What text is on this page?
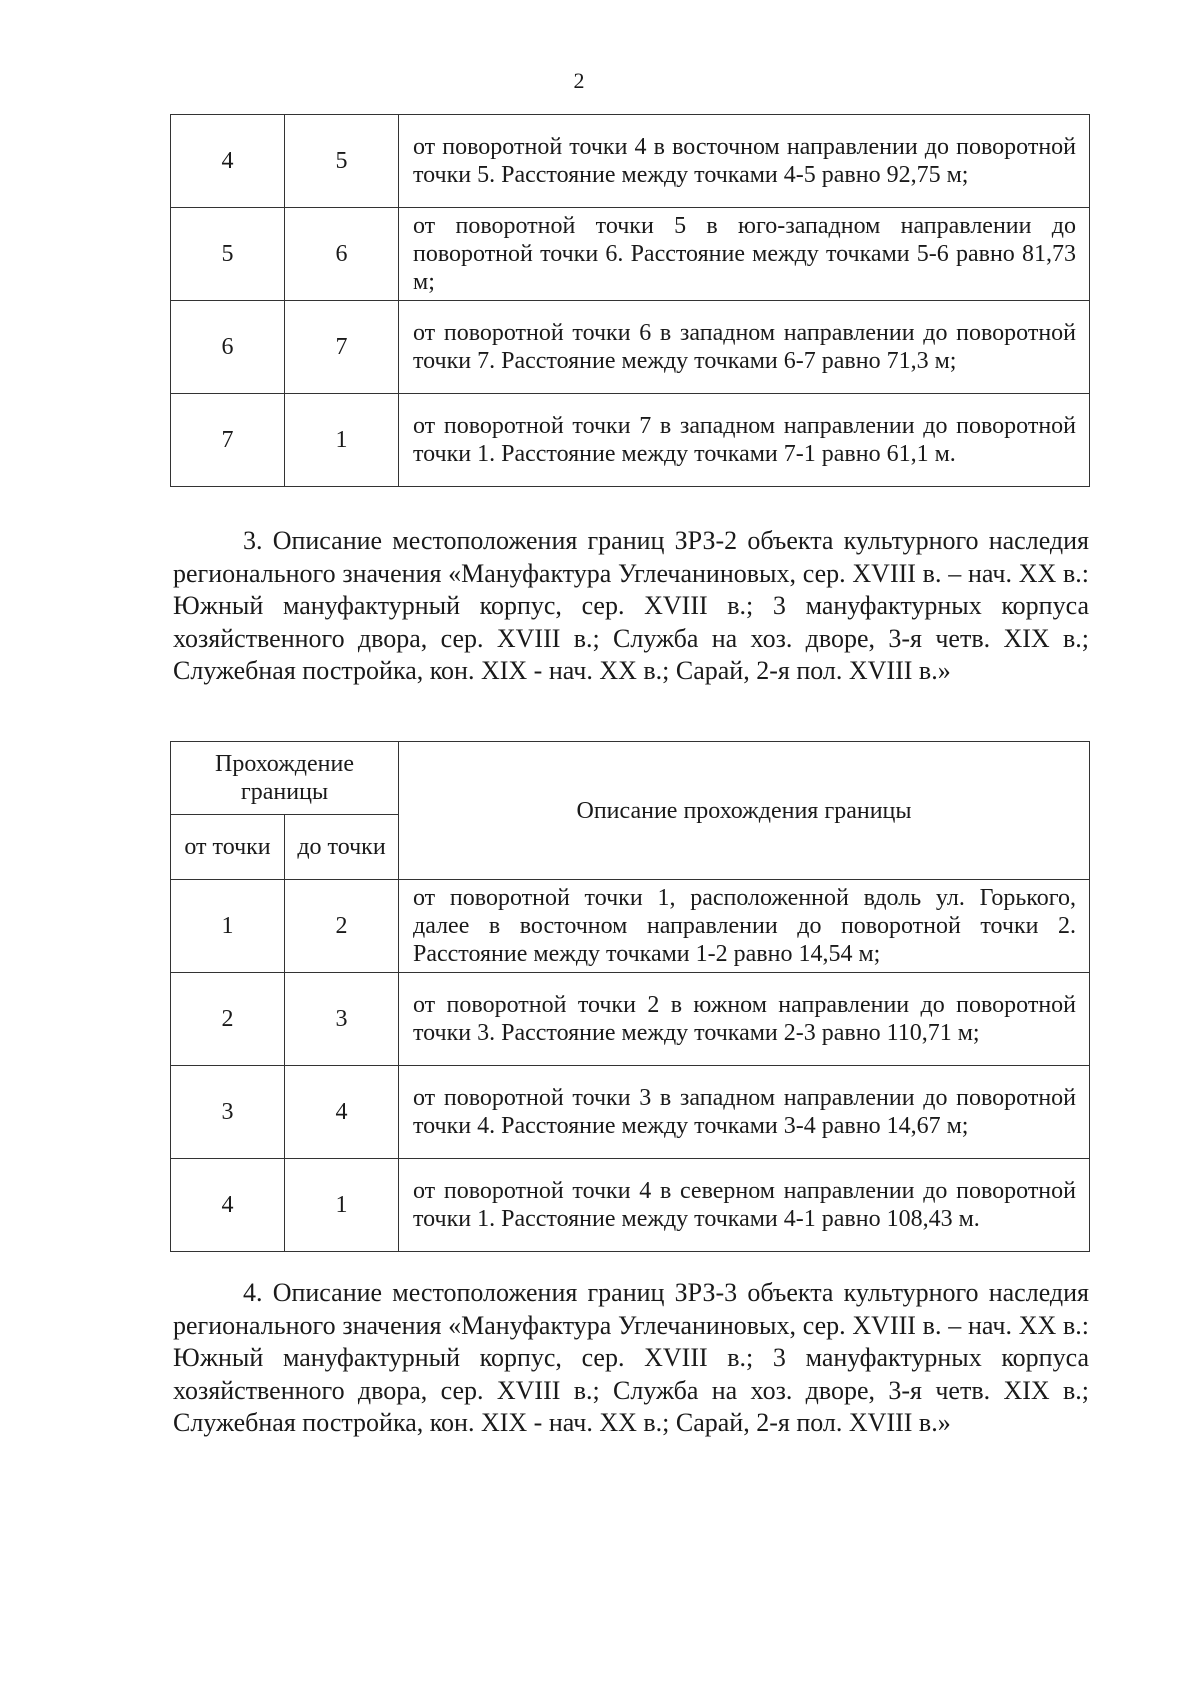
2
4	5	от поворотной точки 4 в восточном направлении до поворотной точки 5. Расстояние между точками 4-5 равно 92,75 м;
5	6	от поворотной точки 5 в юго-западном направлении до поворотной точки 6. Расстояние между точками 5-6 равно 81,73 м;
6	7	от поворотной точки 6 в западном направлении до поворотной точки 7. Расстояние между точками 6-7 равно 71,3 м;
7	1	от поворотной точки 7 в западном направлении до поворотной точки 1. Расстояние между точками 7-1 равно 61,1 м.
3. Описание местоположения границ ЗРЗ-2 объекта культурного наследия регионального значения «Мануфактура Углечаниновых, сер. XVIII в. – нач. XX в.: Южный мануфактурный корпус, сер. XVIII в.; 3 мануфактурных корпуса хозяйственного двора, сер. XVIII в.; Служба на хоз. дворе, 3-я четв. XIX в.; Служебная постройка, кон. XIX - нач. XX в.; Сарай, 2-я пол. XVIII в.»
Прохождение границы		Описание прохождения границы
от точки	до точки	
1	2	от поворотной точки 1, расположенной вдоль ул. Горького, далее в восточном направлении до поворотной точки 2. Расстояние между точками 1-2 равно 14,54 м;
2	3	от поворотной точки 2 в южном направлении до поворотной точки 3. Расстояние между точками 2-3 равно 110,71 м;
3	4	от поворотной точки 3 в западном направлении до поворотной точки 4. Расстояние между точками 3-4 равно 14,67 м;
4	1	от поворотной точки 4 в северном направлении до поворотной точки 1. Расстояние между точками 4-1 равно 108,43 м.
4. Описание местоположения границ ЗРЗ-3 объекта культурного наследия регионального значения «Мануфактура Углечаниновых, сер. XVIII в. – нач. XX в.: Южный мануфактурный корпус, сер. XVIII в.; 3 мануфактурных корпуса хозяйственного двора, сер. XVIII в.; Служба на хоз. дворе, 3-я четв. XIX в.; Служебная постройка, кон. XIX - нач. XX в.; Сарай, 2-я пол. XVIII в.»
